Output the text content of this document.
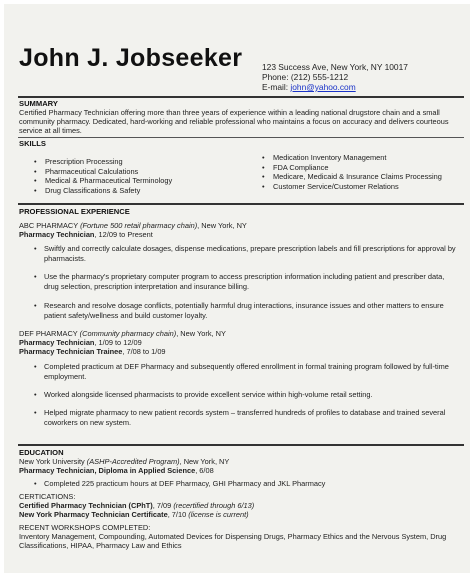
John J. Jobseeker 123 Success Ave, New York, NY 10017
Phone: (212) 555-1212
E-mail: john@yahoo.com
SUMMARY
Certified Pharmacy Technician offering more than three years of experience within a leading national drugstore chain and a small community pharmacy. Dedicated, hard-working and reliable professional who maintains a focus on accuracy and delivers courteous service at all times.
SKILLS
• Prescription Processing
• Pharmaceutical Calculations
• Medical & Pharmaceutical Terminology
• Drug Classifications & Safety
• Medication Inventory Management
• FDA Compliance
• Medicare, Medicaid & Insurance Claims Processing
• Customer Service/Customer Relations
PROFESSIONAL EXPERIENCE
ABC PHARMACY (Fortune 500 retail pharmacy chain), New York, NY
Pharmacy Technician, 12/09 to Present
• Swiftly and correctly calculate dosages, dispense medications, prepare prescription labels and fill prescriptions for approval by pharmacists.
• Use the pharmacy's proprietary computer program to access prescription information including patient and prescriber data, drug selection, prescription interpretation and insurance billing.
• Research and resolve dosage conflicts, potentially harmful drug interactions, insurance issues and other matters to ensure patient safety/wellness and build customer loyalty.
DEF PHARMACY (Community pharmacy chain), New York, NY
Pharmacy Technician, 1/09 to 12/09
Pharmacy Technician Trainee, 7/08 to 1/09
• Completed practicum at DEF Pharmacy and subsequently offered enrollment in formal training program followed by full-time employment.
• Worked alongside licensed pharmacists to provide excellent service within high-volume retail setting.
• Helped migrate pharmacy to new patient records system – transferred hundreds of profiles to database and trained several coworkers on new system.
EDUCATION
New York University (ASHP-Accredited Program), New York, NY
Pharmacy Technician, Diploma in Applied Science, 6/08
• Completed 225 practicum hours at DEF Pharmacy, GHI Pharmacy and JKL Pharmacy
CERTICATIONS:
Certified Pharmacy Technician (CPhT), 7/09 (recertified through 6/13)
New York Pharmacy Technician Certificate, 7/10 (license is current)
RECENT WORKSHOPS COMPLETED:
Inventory Management, Compounding, Automated Devices for Dispensing Drugs, Pharmacy Ethics and the Nervous System, Drug Classifications, HIPAA, Pharmacy Law and Ethics
